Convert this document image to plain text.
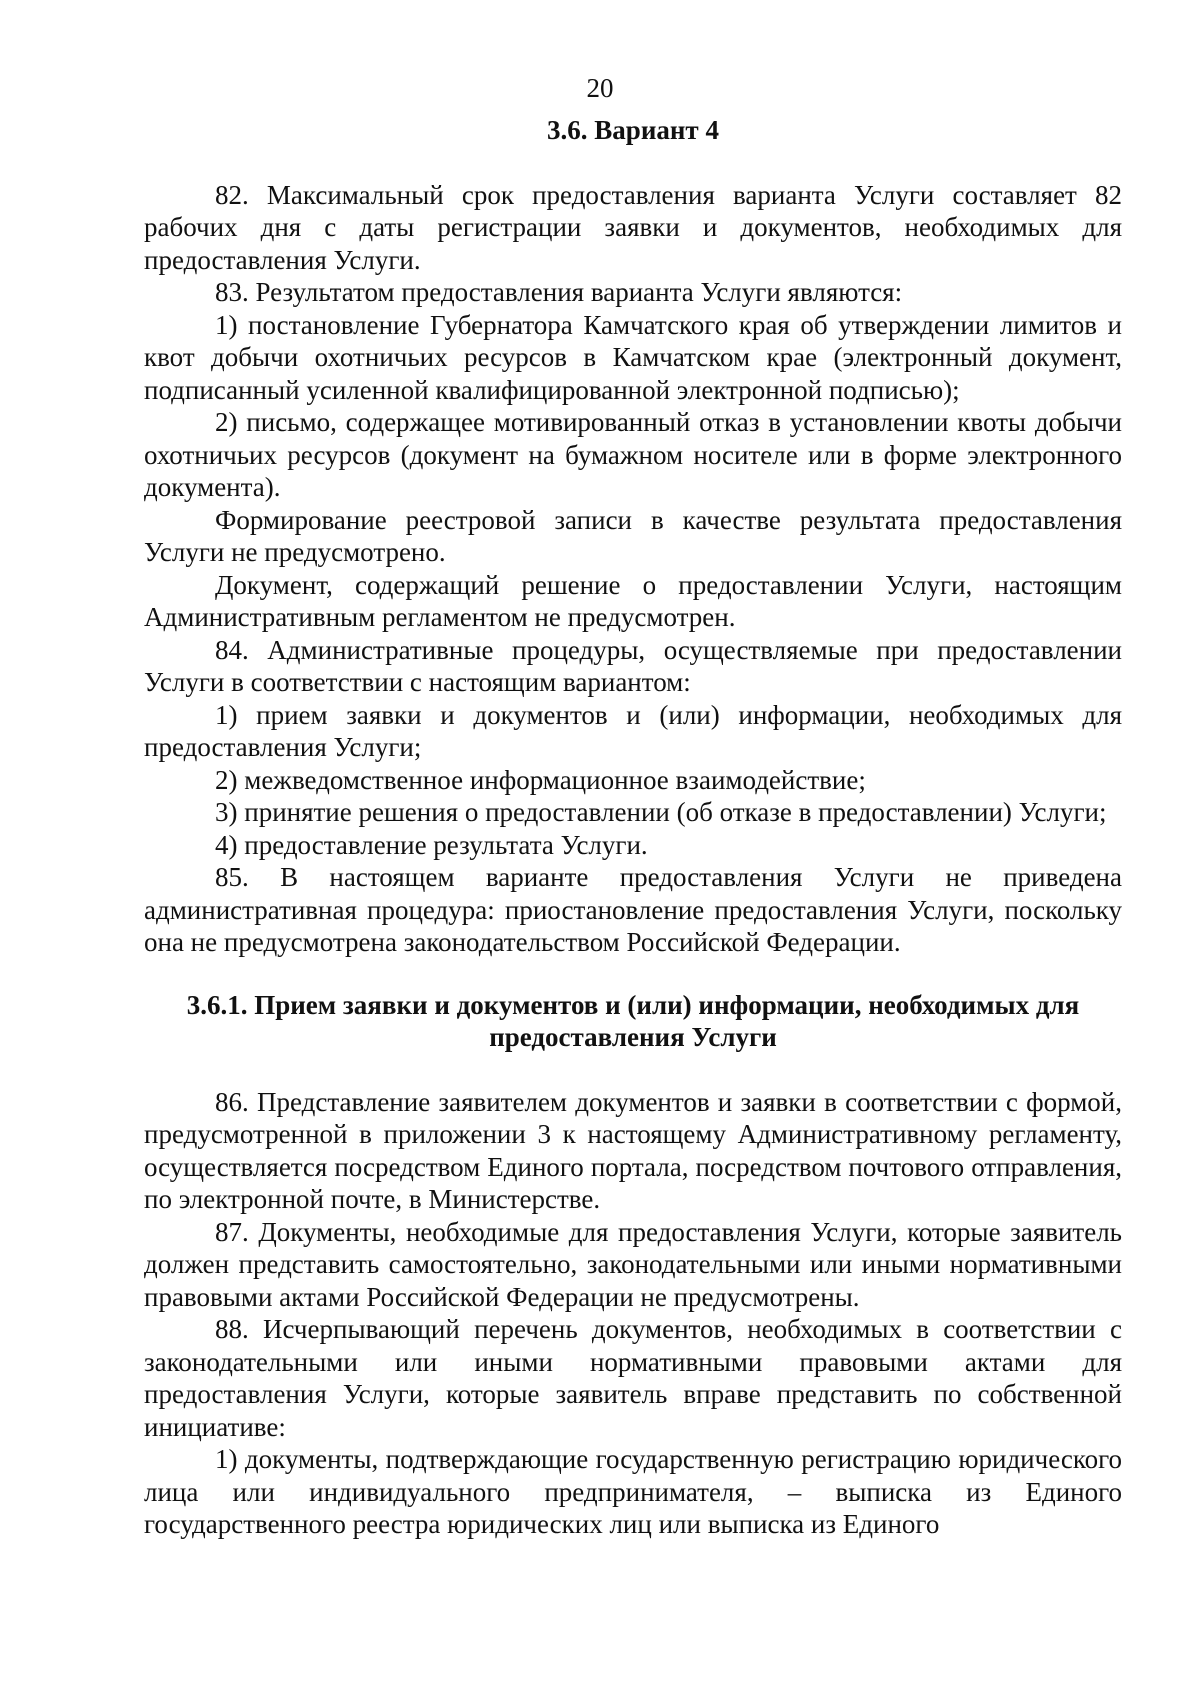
20
3.6. Вариант 4

82. Максимальный срок предоставления варианта Услуги составляет 82 рабочих дня с даты регистрации заявки и документов, необходимых для предоставления Услуги.

83. Результатом предоставления варианта Услуги являются:

1) постановление Губернатора Камчатского края об утверждении лимитов и квот добычи охотничьих ресурсов в Камчатском крае (электронный документ, подписанный усиленной квалифицированной электронной подписью);

2) письмо, содержащее мотивированный отказ в установлении квоты добычи охотничьих ресурсов (документ на бумажном носителе или в форме электронного документа).

Формирование реестровой записи в качестве результата предоставления Услуги не предусмотрено.

Документ, содержащий решение о предоставлении Услуги, настоящим Административным регламентом не предусмотрен.

84. Административные процедуры, осуществляемые при предоставлении Услуги в соответствии с настоящим вариантом:

1) прием заявки и документов и (или) информации, необходимых для предоставления Услуги;

2) межведомственное информационное взаимодействие;

3) принятие решения о предоставлении (об отказе в предоставлении) Услуги;

4) предоставление результата Услуги.

85. В настоящем варианте предоставления Услуги не приведена административная процедура: приостановление предоставления Услуги, поскольку она не предусмотрена законодательством Российской Федерации.

3.6.1. Прием заявки и документов и (или) информации, необходимых для предоставления Услуги

86. Представление заявителем документов и заявки в соответствии с формой, предусмотренной в приложении 3 к настоящему Административному регламенту, осуществляется посредством Единого портала, посредством почтового отправления, по электронной почте, в Министерстве.

87. Документы, необходимые для предоставления Услуги, которые заявитель должен представить самостоятельно, законодательными или иными нормативными правовыми актами Российской Федерации не предусмотрены.

88. Исчерпывающий перечень документов, необходимых в соответствии с законодательными или иными нормативными правовыми актами для предоставления Услуги, которые заявитель вправе представить по собственной инициативе:

1) документы, подтверждающие государственную регистрацию юридического лица или индивидуального предпринимателя, – выписка из Единого государственного реестра юридических лиц или выписка из Единого
